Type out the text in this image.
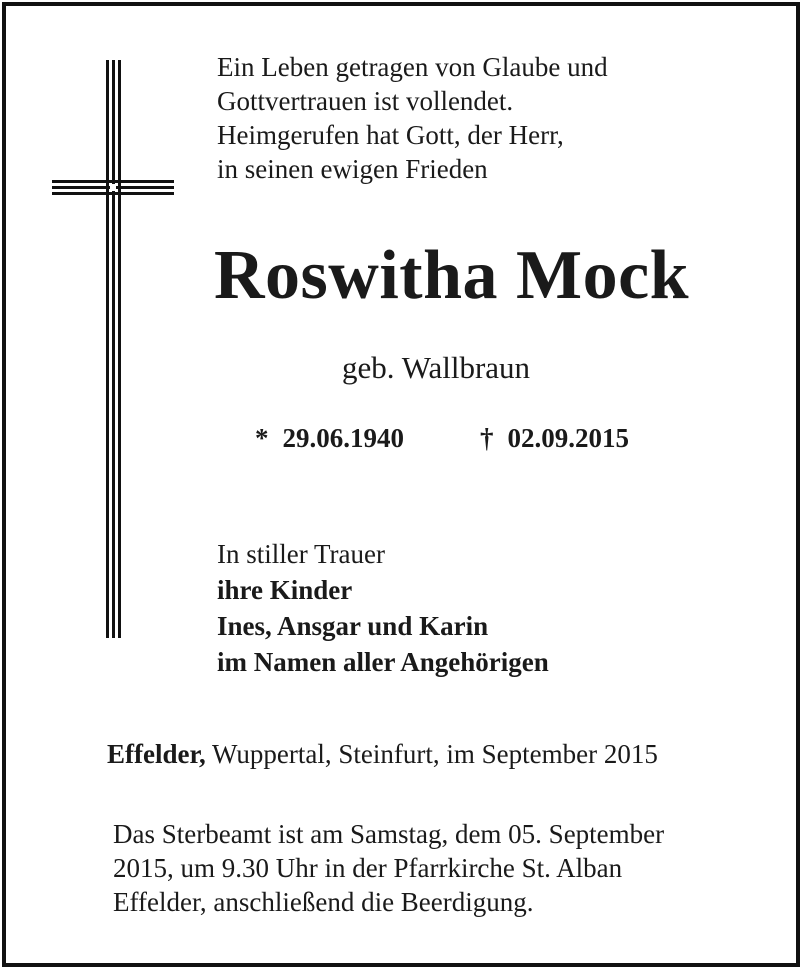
Ein Leben getragen von Glaube und
Gottvertrauen ist vollendet.
Heimgerufen hat Gott, der Herr,
in seinen ewigen Frieden
Roswitha Mock
geb. Wallbraun
* 29.06.1940	† 02.09.2015
In stiller Trauer
ihre Kinder
Ines, Ansgar und Karin
im Namen aller Angehörigen
Effelder, Wuppertal, Steinfurt, im September 2015
Das Sterbeamt ist am Samstag, dem 05. September
2015, um 9.30 Uhr in der Pfarrkirche St. Alban
Effelder, anschließend die Beerdigung.
